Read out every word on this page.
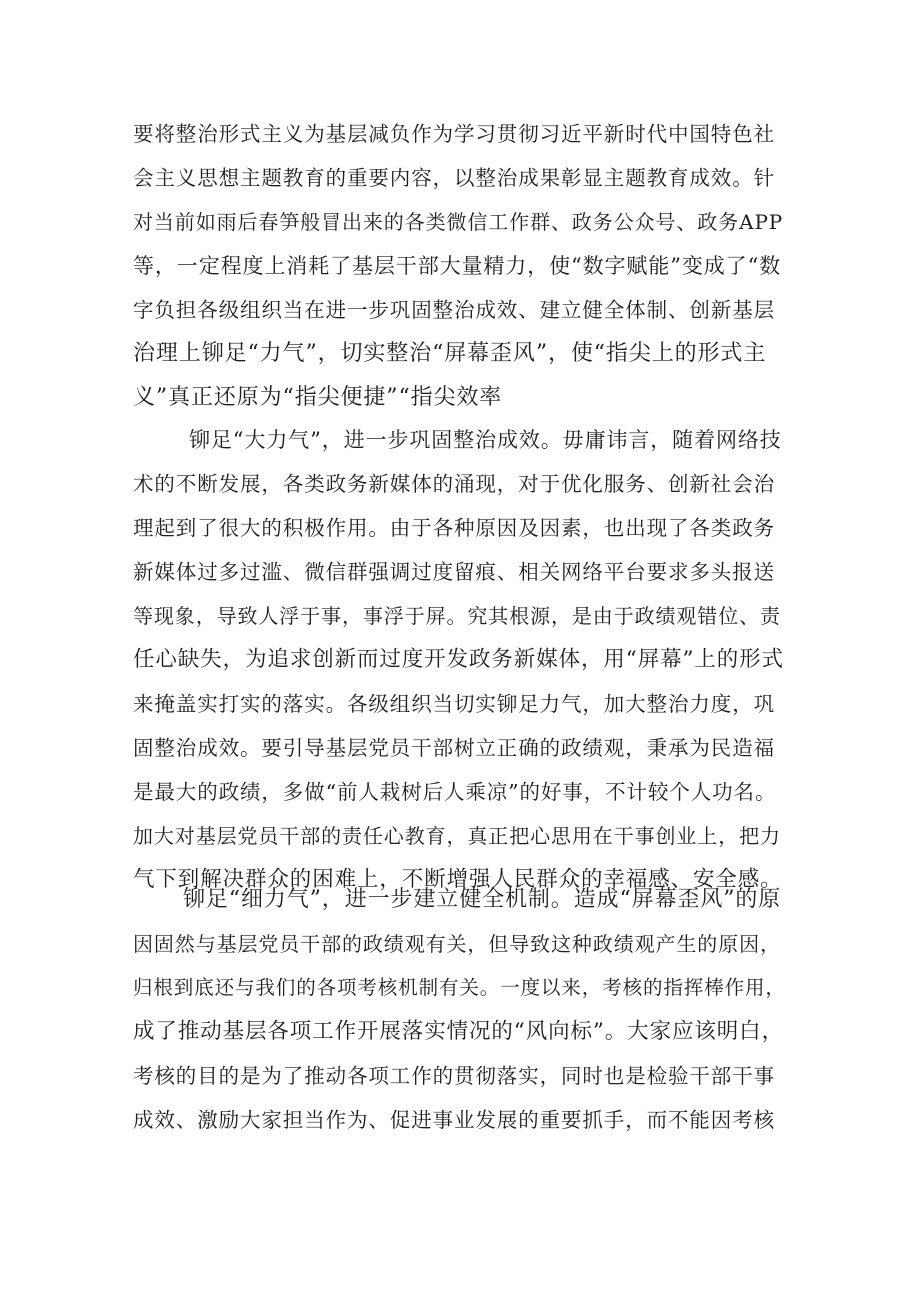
要将整治形式主义为基层减负作为学习贯彻习近平新时代中国特色社
会主义思想主题教育的重要内容，以整治成果彰显主题教育成效。针
对当前如雨后春笋般冒出来的各类微信工作群、政务公众号、政务APP
等，一定程度上消耗了基层干部大量精力，使“数字赋能”变成了“数
字负担各级组织当在进一步巩固整治成效、建立健全体制、创新基层
治理上铆足“力气”，切实整治“屏幕歪风”，使“指尖上的形式主
义”真正还原为“指尖便捷”“指尖效率
铆足“大力气”，进一步巩固整治成效。毋庸讳言，随着网络技
术的不断发展，各类政务新媒体的涌现，对于优化服务、创新社会治
理起到了很大的积极作用。由于各种原因及因素，也出现了各类政务
新媒体过多过滥、微信群强调过度留痕、相关网络平台要求多头报送
等现象，导致人浮于事，事浮于屏。究其根源，是由于政绩观错位、责
任心缺失，为追求创新而过度开发政务新媒体，用“屏幕”上的形式
来掩盖实打实的落实。各级组织当切实铆足力气，加大整治力度，巩
固整治成效。要引导基层党员干部树立正确的政绩观，秉承为民造福
是最大的政绩，多做“前人栽树后人乘凉”的好事，不计较个人功名。
加大对基层党员干部的责任心教育，真正把心思用在干事创业上，把力
气下到解决群众的困难上，不断增强人民群众的幸福感、安全感。
铆足“细力气”，进一步建立健全机制。造成“屏幕歪风”的原
因固然与基层党员干部的政绩观有关，但导致这种政绩观产生的原因，
归根到底还与我们的各项考核机制有关。一度以来，考核的指挥棒作用，
成了推动基层各项工作开展落实情况的“风向标”。大家应该明白，
考核的目的是为了推动各项工作的贯彻落实，同时也是检验干部干事
成效、激励大家担当作为、促进事业发展的重要抓手，而不能因考核
